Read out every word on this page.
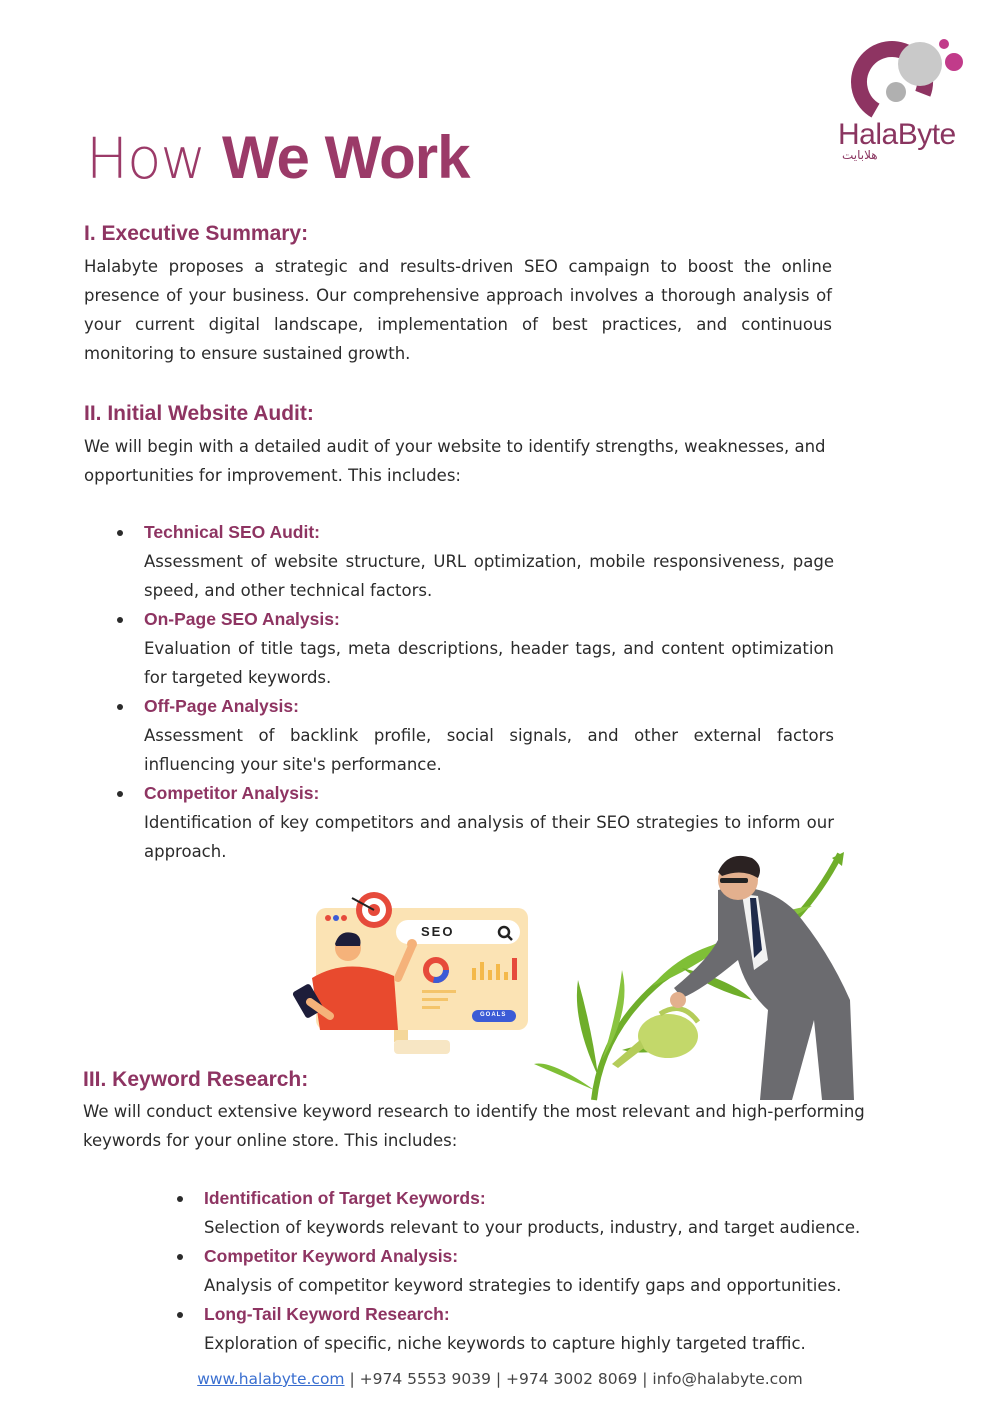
How We Work	HalaByte
هلابايت
I. Executive Summary:

Halabyte proposes a strategic and results-driven SEO campaign to boost the online presence of your business. Our comprehensive approach involves a thorough analysis of your current digital landscape, implementation of best practices, and continuous monitoring to ensure sustained growth.

II. Initial Website Audit:

We will begin with a detailed audit of your website to identify strengths, weaknesses, and opportunities for improvement. This includes:

Technical SEO Audit:
Assessment of website structure, URL optimization, mobile responsiveness, page speed, and other technical factors.
On-Page SEO Analysis:
Evaluation of title tags, meta descriptions, header tags, and content optimization for targeted keywords.
Off-Page Analysis:
Assessment of backlink profile, social signals, and other external factors influencing your site's performance.
Competitor Analysis:
Identification of key competitors and analysis of their SEO strategies to inform our approach.
SEO
GOALS
III. Keyword Research:

We will conduct extensive keyword research to identify the most relevant and high-performing keywords for your online store. This includes:

Identification of Target Keywords:
Selection of keywords relevant to your products, industry, and target audience.
Competitor Keyword Analysis:
Analysis of competitor keyword strategies to identify gaps and opportunities.
Long-Tail Keyword Research:
Exploration of specific, niche keywords to capture highly targeted traffic.
www.halabyte.com | +974 5553 9039 | +974 3002 8069 | info@halabyte.com
